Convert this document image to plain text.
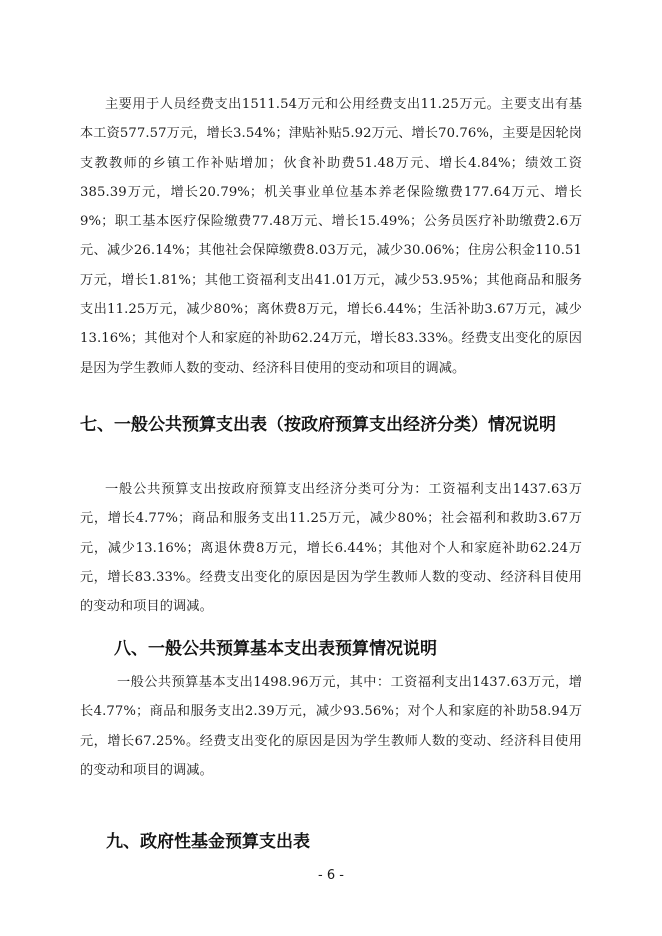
主要用于人员经费支出1511.54万元和公用经费支出11.25万元。主要支出有基本工资577.57万元，增长3.54%；津贴补贴5.92万元、增长70.76%，主要是因轮岗支教教师的乡镇工作补贴增加；伙食补助费51.48万元、增长4.84%；绩效工资385.39万元，增长20.79%；机关事业单位基本养老保险缴费177.64万元、增长9%；职工基本医疗保险缴费77.48万元、增长15.49%；公务员医疗补助缴费2.6万元、减少26.14%；其他社会保障缴费8.03万元，减少30.06%；住房公积金110.51万元，增长1.81%；其他工资福利支出41.01万元，减少53.95%；其他商品和服务支出11.25万元，减少80%；离休费8万元，增长6.44%；生活补助3.67万元，减少13.16%；其他对个人和家庭的补助62.24万元，增长83.33%。经费支出变化的原因是因为学生教师人数的变动、经济科目使用的变动和项目的调减。

七、一般公共预算支出表（按政府预算支出经济分类）情况说明

一般公共预算支出按政府预算支出经济分类可分为：工资福利支出1437.63万元，增长4.77%；商品和服务支出11.25万元，减少80%；社会福利和救助3.67万元，减少13.16%；离退休费8万元，增长6.44%；其他对个人和家庭补助62.24万元，增长83.33%。经费支出变化的原因是因为学生教师人数的变动、经济科目使用的变动和项目的调减。

八、一般公共预算基本支出表预算情况说明

一般公共预算基本支出1498.96万元，其中：工资福利支出1437.63万元，增长4.77%；商品和服务支出2.39万元，减少93.56%；对个人和家庭的补助58.94万元，增长67.25%。经费支出变化的原因是因为学生教师人数的变动、经济科目使用的变动和项目的调减。

九、政府性基金预算支出表

- 6 -
